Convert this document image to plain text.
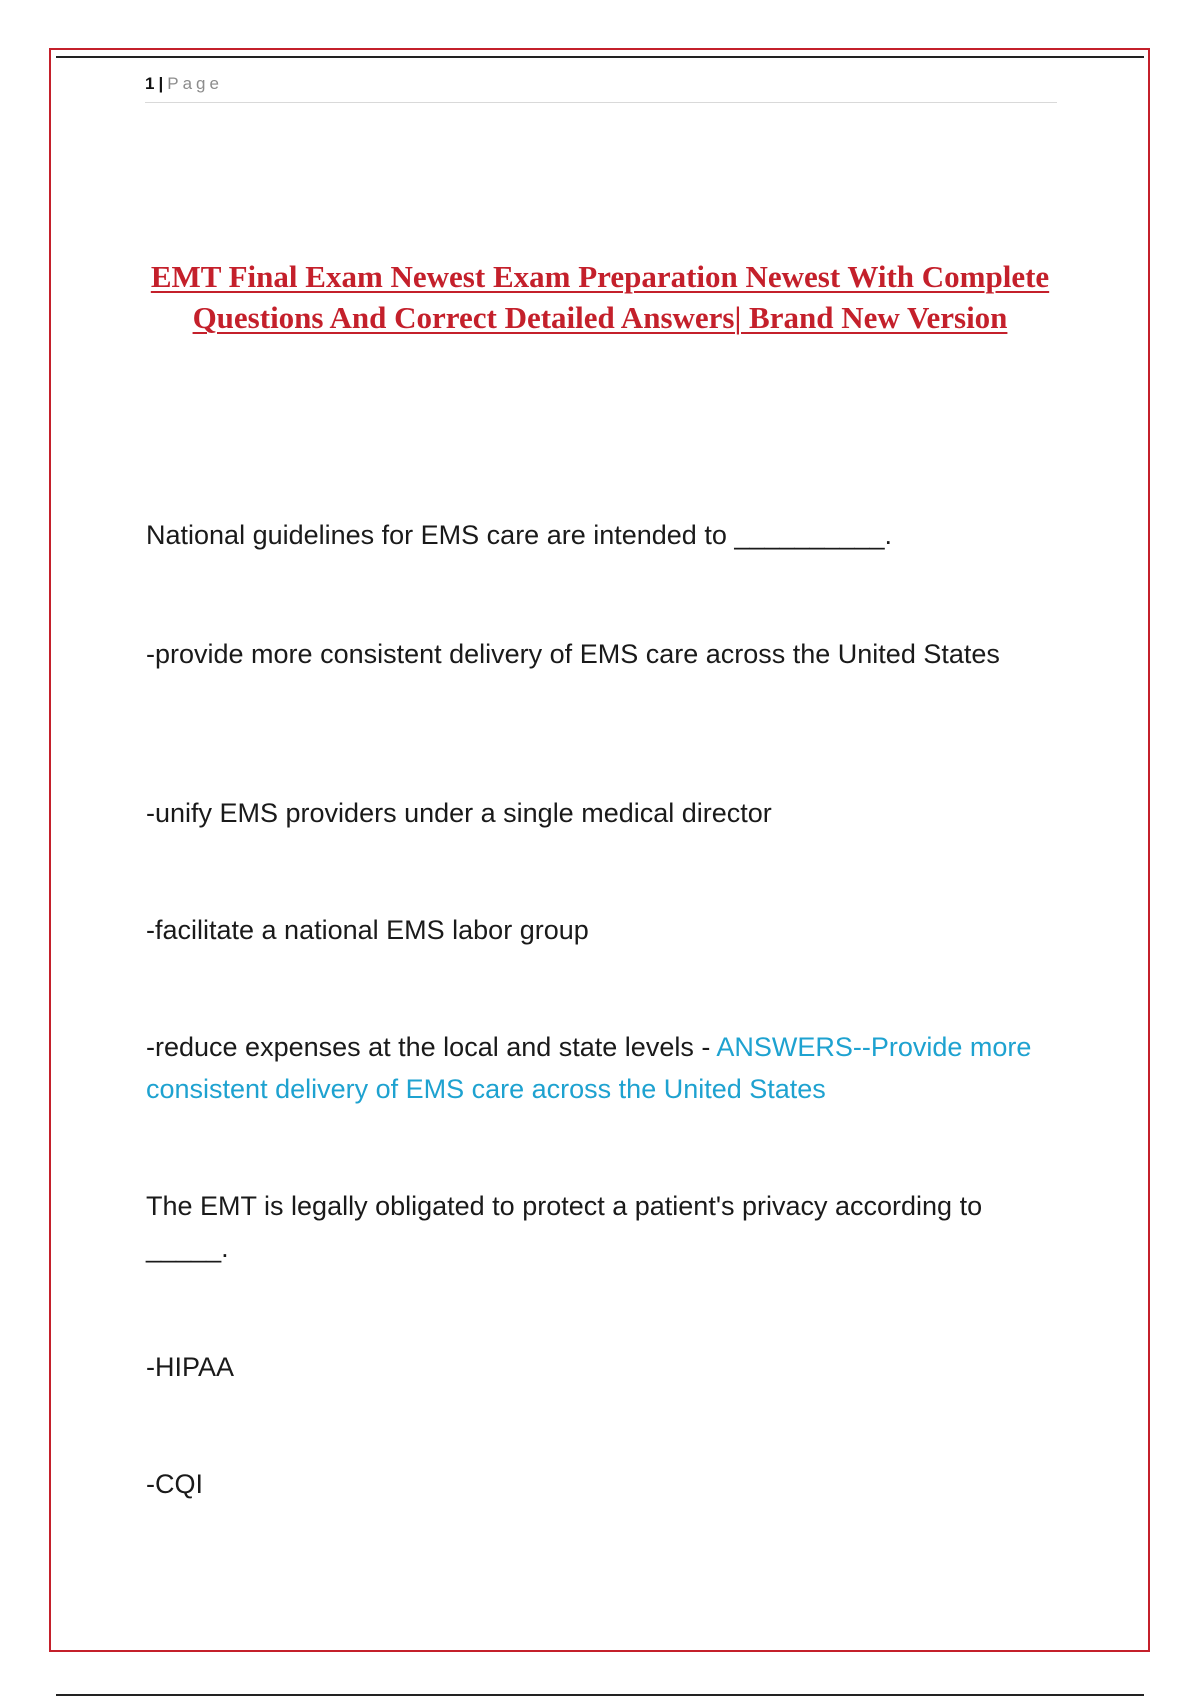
1 | Page
EMT Final Exam Newest Exam Preparation Newest With Complete Questions And Correct Detailed Answers| Brand New Version

National guidelines for EMS care are intended to __________.

-provide more consistent delivery of EMS care across the United States

-unify EMS providers under a single medical director

-facilitate a national EMS labor group

-reduce expenses at the local and state levels - ANSWERS--Provide more consistent delivery of EMS care across the United States

The EMT is legally obligated to protect a patient's privacy according to _____.

-HIPAA

-CQI
